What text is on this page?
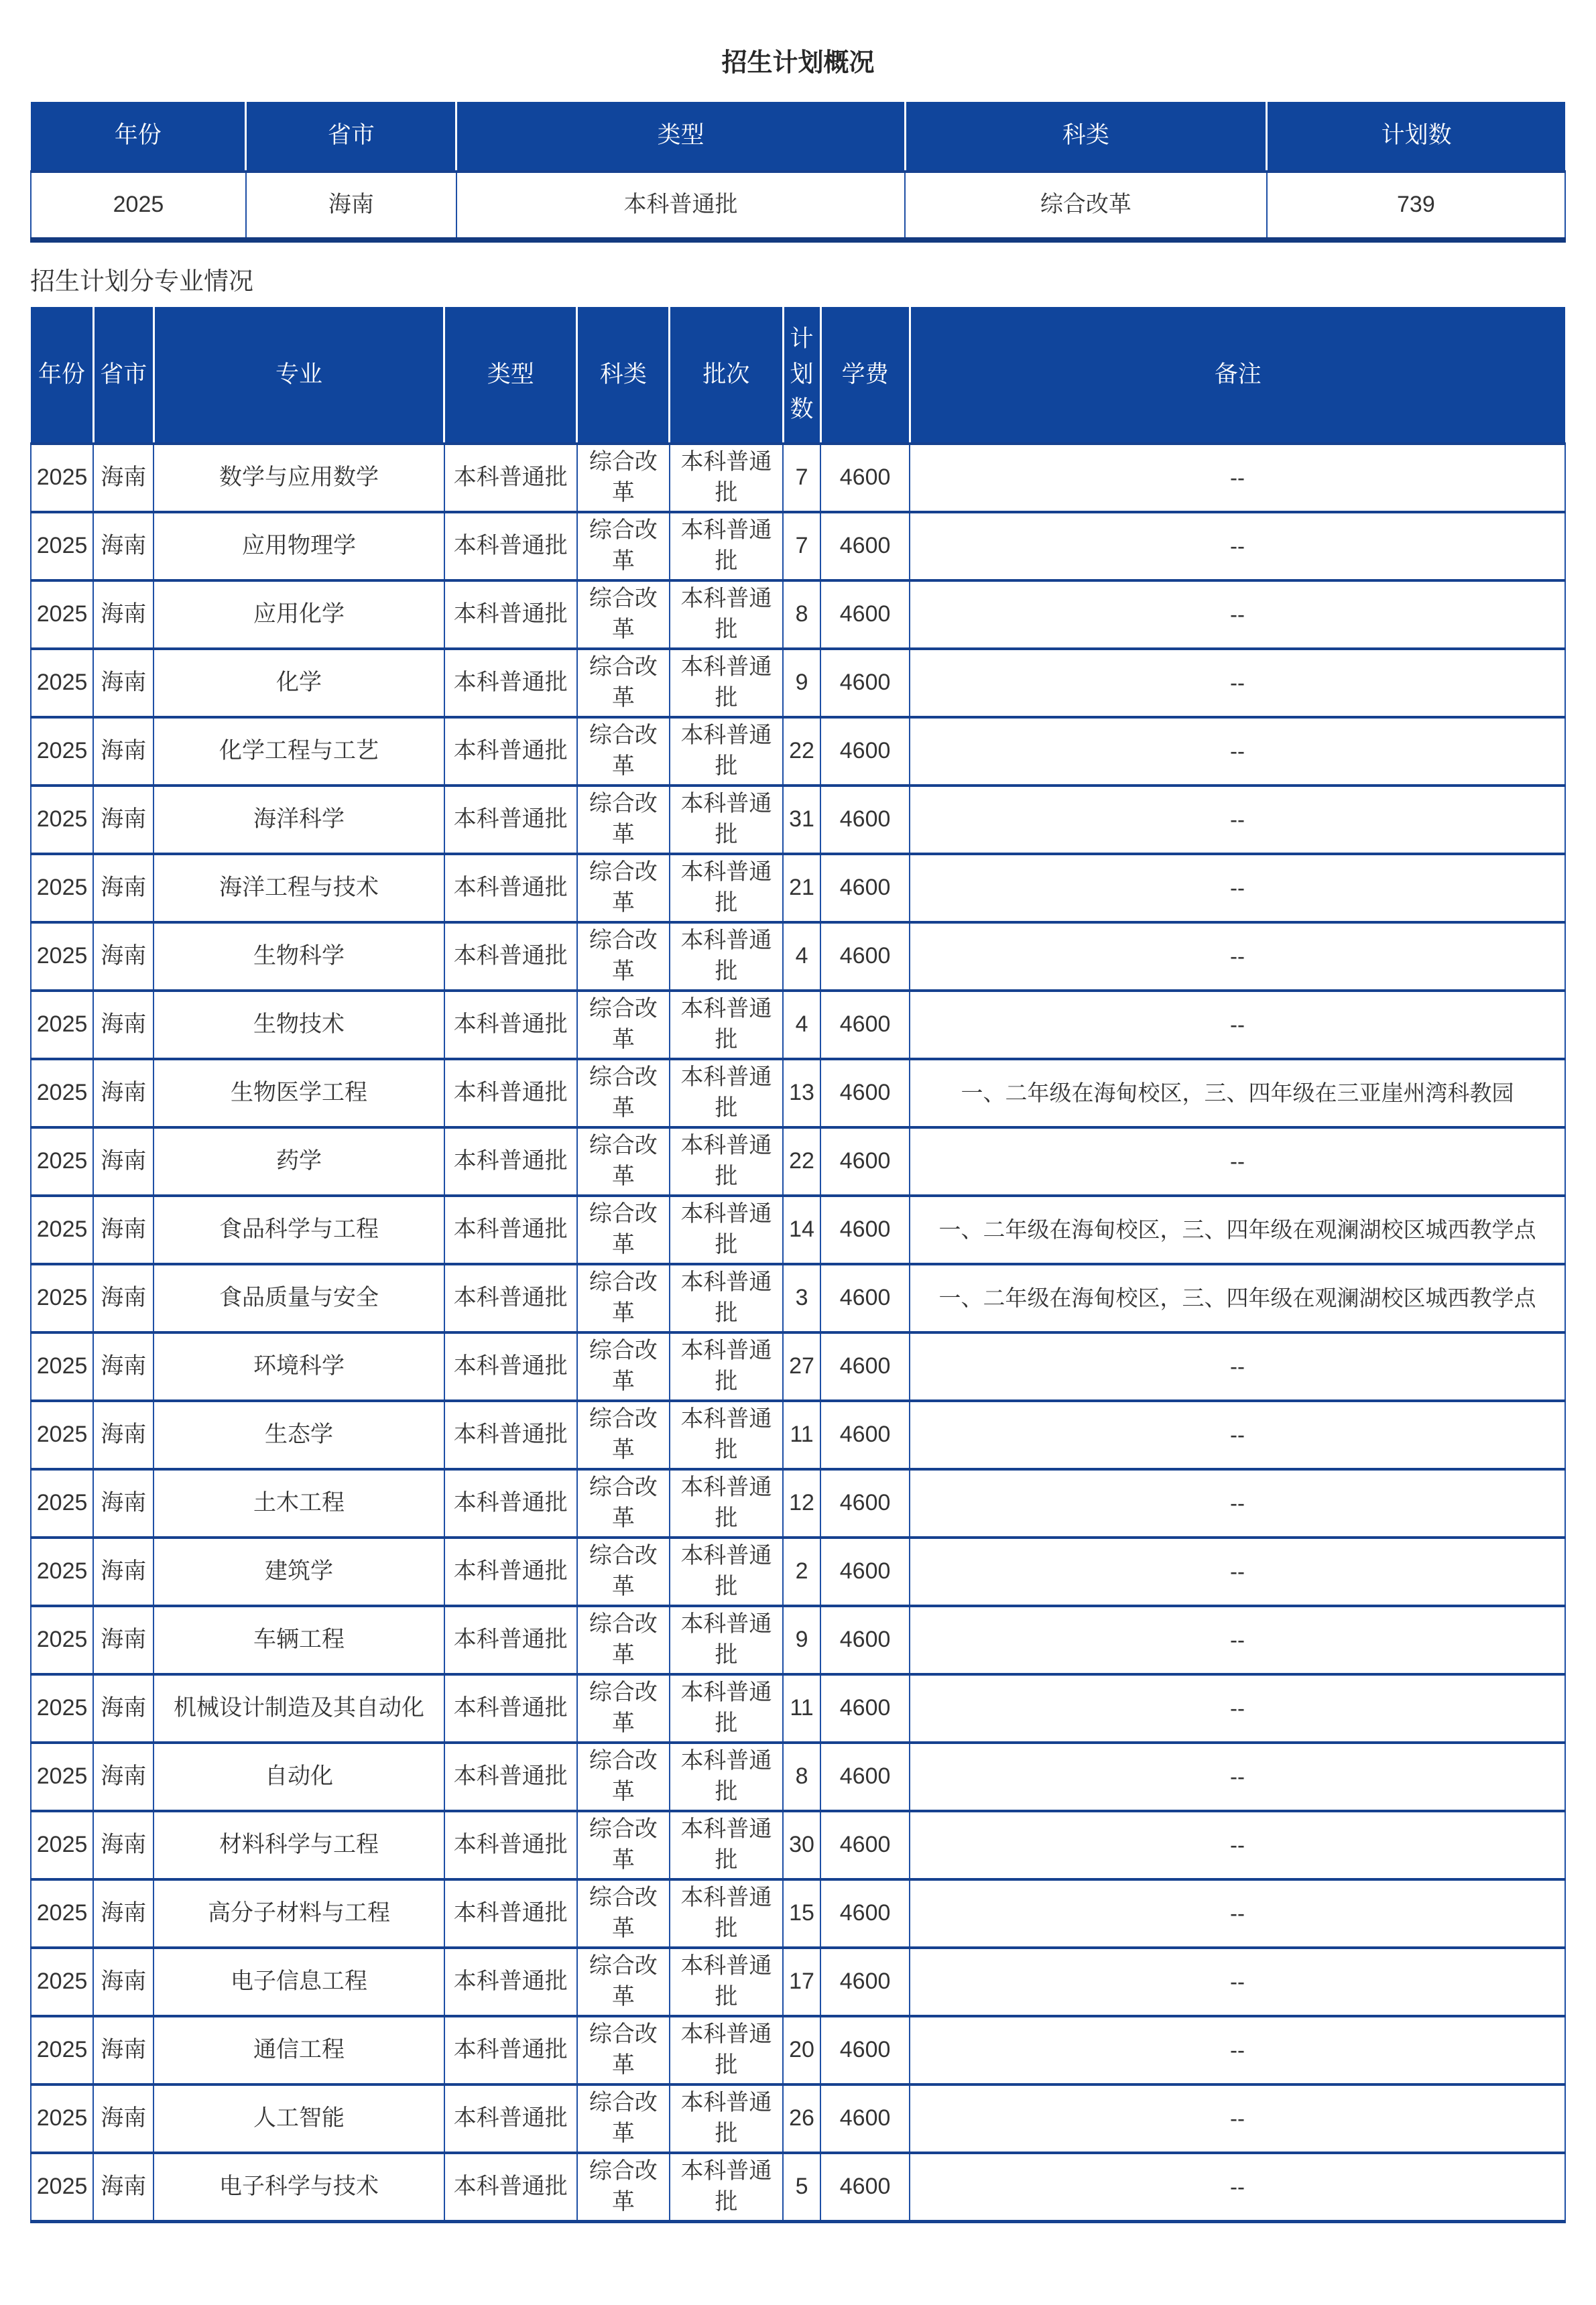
招生计划概况
年份	省市	类型	科类	计划数
2025	海南	本科普通批	综合改革	739
招生计划分专业情况
年份	省市	专业	类型	科类	批次	计划数	学费	备注
2025	海南	数学与应用数学	本科普通批	综合改革	本科普通批	7	4600	--
2025	海南	应用物理学	本科普通批	综合改革	本科普通批	7	4600	--
2025	海南	应用化学	本科普通批	综合改革	本科普通批	8	4600	--
2025	海南	化学	本科普通批	综合改革	本科普通批	9	4600	--
2025	海南	化学工程与工艺	本科普通批	综合改革	本科普通批	22	4600	--
2025	海南	海洋科学	本科普通批	综合改革	本科普通批	31	4600	--
2025	海南	海洋工程与技术	本科普通批	综合改革	本科普通批	21	4600	--
2025	海南	生物科学	本科普通批	综合改革	本科普通批	4	4600	--
2025	海南	生物技术	本科普通批	综合改革	本科普通批	4	4600	--
2025	海南	生物医学工程	本科普通批	综合改革	本科普通批	13	4600	一、二年级在海甸校区，三、四年级在三亚崖州湾科教园
2025	海南	药学	本科普通批	综合改革	本科普通批	22	4600	--
2025	海南	食品科学与工程	本科普通批	综合改革	本科普通批	14	4600	一、二年级在海甸校区，三、四年级在观澜湖校区城西教学点
2025	海南	食品质量与安全	本科普通批	综合改革	本科普通批	3	4600	一、二年级在海甸校区，三、四年级在观澜湖校区城西教学点
2025	海南	环境科学	本科普通批	综合改革	本科普通批	27	4600	--
2025	海南	生态学	本科普通批	综合改革	本科普通批	11	4600	--
2025	海南	土木工程	本科普通批	综合改革	本科普通批	12	4600	--
2025	海南	建筑学	本科普通批	综合改革	本科普通批	2	4600	--
2025	海南	车辆工程	本科普通批	综合改革	本科普通批	9	4600	--
2025	海南	机械设计制造及其自动化	本科普通批	综合改革	本科普通批	11	4600	--
2025	海南	自动化	本科普通批	综合改革	本科普通批	8	4600	--
2025	海南	材料科学与工程	本科普通批	综合改革	本科普通批	30	4600	--
2025	海南	高分子材料与工程	本科普通批	综合改革	本科普通批	15	4600	--
2025	海南	电子信息工程	本科普通批	综合改革	本科普通批	17	4600	--
2025	海南	通信工程	本科普通批	综合改革	本科普通批	20	4600	--
2025	海南	人工智能	本科普通批	综合改革	本科普通批	26	4600	--
2025	海南	电子科学与技术	本科普通批	综合改革	本科普通批	5	4600	--
